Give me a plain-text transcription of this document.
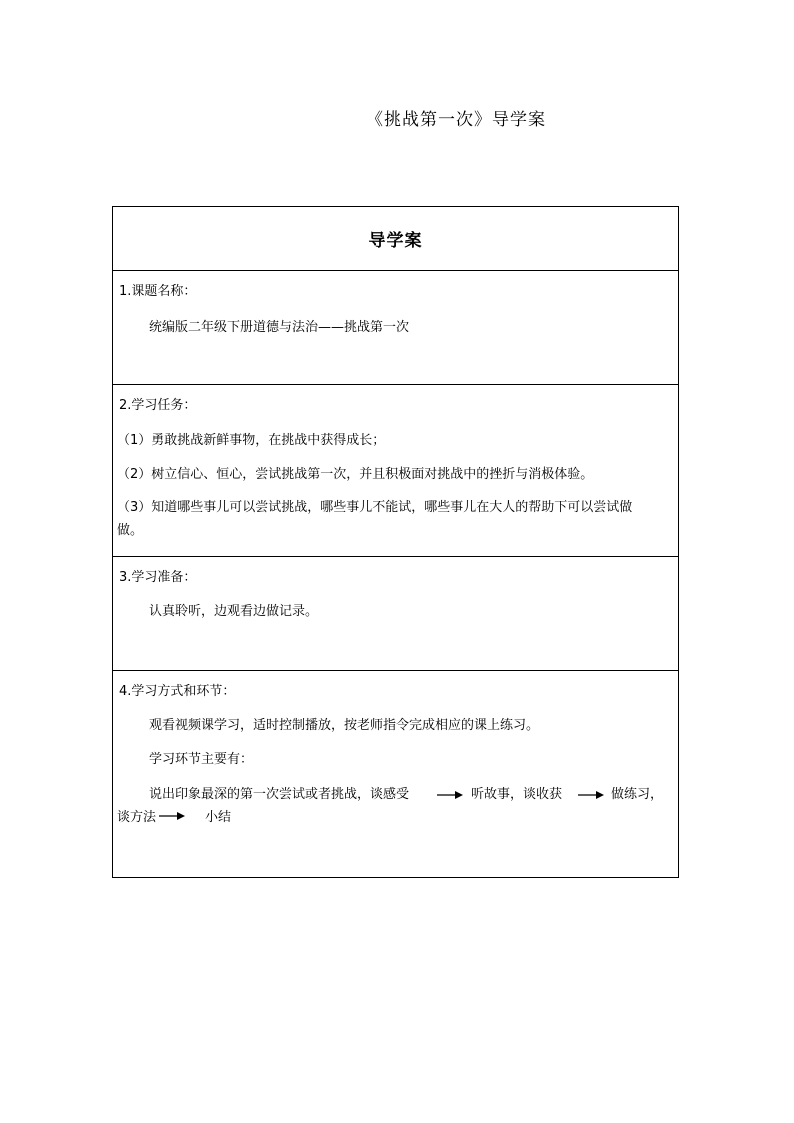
《挑战第一次》导学案
导学案
1.课题名称：
统编版二年级下册道德与法治——挑战第一次
2.学习任务：
（1）勇敢挑战新鲜事物，在挑战中获得成长；
（2）树立信心、恒心，尝试挑战第一次，并且积极面对挑战中的挫折与消极体验。
（3）知道哪些事儿可以尝试挑战，哪些事儿不能试，哪些事儿在大人的帮助下可以尝试做
做。
3.学习准备：
认真聆听，边观看边做记录。
4.学习方式和环节：
观看视频课学习，适时控制播放，按老师指令完成相应的课上练习。
学习环节主要有：
说出印象最深的第一次尝试或者挑战，谈感受	听故事，谈收获	做练习，
谈方法	小结
